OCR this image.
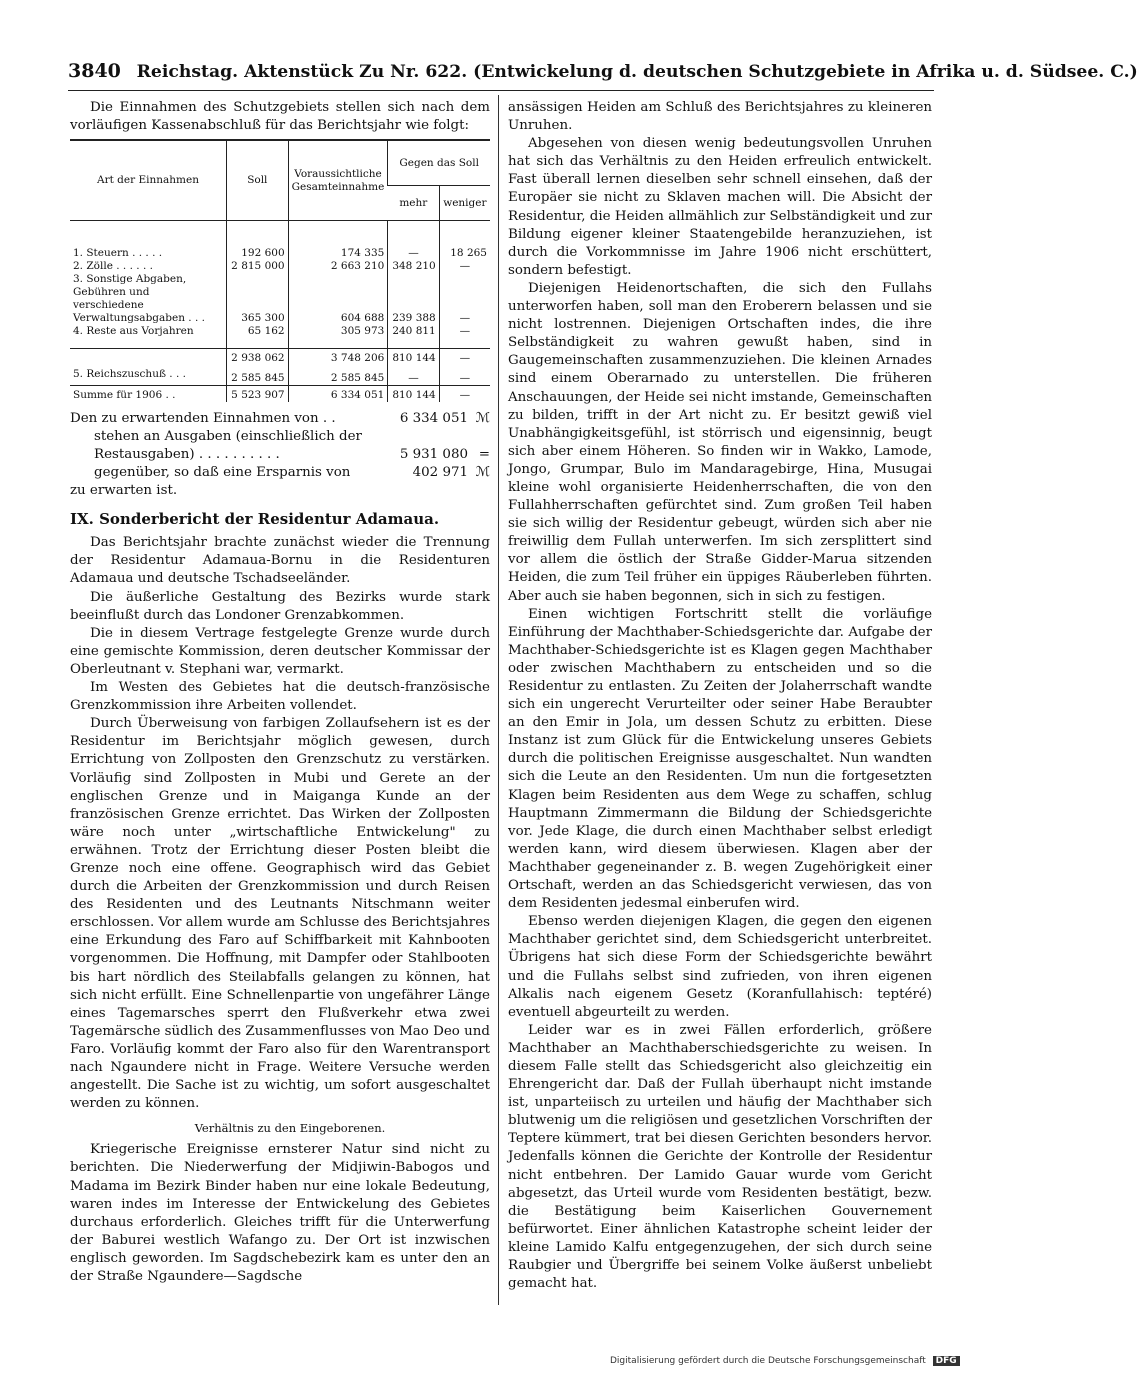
3840 Reichstag. Aktenstück Zu Nr. 622. (Entwickelung d. deutschen Schutzgebiete in Afrika u. d. Südsee. C.)

Die Einnahmen des Schutzgebiets stellen sich nach dem vorläufigen Kassenabschluß für das Berichtsjahr wie folgt:

Art der Einnahmen	Soll	Voraussichtliche Gesamteinnahme	Gegen das Soll	
			mehr	weniger
1. Steuern . . . . .	192 600	174 335	—	18 265
2. Zölle . . . . . .	2 815 000	2 663 210	348 210	—
3. Sonstige Abgaben, Gebühren und verschiedene Verwaltungsabgaben . . .	365 300	604 688	239 388	—
4. Reste aus Vorjahren	65 162	305 973	240 811	—
	2 938 062	3 748 206	810 144	—
5. Reichszuschuß . . .	2 585 845	2 585 845	—	—
Summe für 1906 . .	5 523 907	6 334 051	810 144	—
Den zu erwartenden Einnahmen von . .	6 334 051 ℳ
stehen an Ausgaben (einschließlich der Restausgaben) . . . . . . . . . .	5 931 080 =
gegenüber, so daß eine Ersparnis von	402 971 ℳ
zu erwarten ist.

IX. Sonderbericht der Residentur Adamaua.

Das Berichtsjahr brachte zunächst wieder die Trennung der Residentur Adamaua-Bornu in die Residenturen Adamaua und deutsche Tschadseeländer.

Die äußerliche Gestaltung des Bezirks wurde stark beeinflußt durch das Londoner Grenzabkommen.

Die in diesem Vertrage festgelegte Grenze wurde durch eine gemischte Kommission, deren deutscher Kommissar der Oberleutnant v. Stephani war, vermarkt.

Im Westen des Gebietes hat die deutsch-französische Grenzkommission ihre Arbeiten vollendet.

Durch Überweisung von farbigen Zollaufsehern ist es der Residentur im Berichtsjahr möglich gewesen, durch Errichtung von Zollposten den Grenzschutz zu verstärken. Vorläufig sind Zollposten in Mubi und Gerete an der englischen Grenze und in Maiganga Kunde an der französischen Grenze errichtet. Das Wirken der Zollposten wäre noch unter „wirtschaftliche Entwickelung" zu erwähnen. Trotz der Errichtung dieser Posten bleibt die Grenze noch eine offene. Geographisch wird das Gebiet durch die Arbeiten der Grenzkommission und durch Reisen des Residenten und des Leutnants Nitschmann weiter erschlossen. Vor allem wurde am Schlusse des Berichtsjahres eine Erkundung des Faro auf Schiffbarkeit mit Kahnbooten vorgenommen. Die Hoffnung, mit Dampfer oder Stahlbooten bis hart nördlich des Steilabfalls gelangen zu können, hat sich nicht erfüllt. Eine Schnellenpartie von ungefährer Länge eines Tagemarsches sperrt den Flußverkehr etwa zwei Tagemärsche südlich des Zusammenflusses von Mao Deo und Faro. Vorläufig kommt der Faro also für den Warentransport nach Ngaundere nicht in Frage. Weitere Versuche werden angestellt. Die Sache ist zu wichtig, um sofort ausgeschaltet werden zu können.

Verhältnis zu den Eingeborenen.

Kriegerische Ereignisse ernsterer Natur sind nicht zu berichten. Die Niederwerfung der Midjiwin-Babogos und Madama im Bezirk Binder haben nur eine lokale Bedeutung, waren indes im Interesse der Entwickelung des Gebietes durchaus erforderlich. Gleiches trifft für die Unterwerfung der Baburei westlich Wafango zu. Der Ort ist inzwischen englisch geworden. Im Sagdschebezirk kam es unter den an der Straße Ngaundere—Sagdsche

ansässigen Heiden am Schluß des Berichtsjahres zu kleineren Unruhen.

Abgesehen von diesen wenig bedeutungsvollen Unruhen hat sich das Verhältnis zu den Heiden erfreulich entwickelt. Fast überall lernen dieselben sehr schnell einsehen, daß der Europäer sie nicht zu Sklaven machen will. Die Absicht der Residentur, die Heiden allmählich zur Selbständigkeit und zur Bildung eigener kleiner Staatengebilde heranzuziehen, ist durch die Vorkommnisse im Jahre 1906 nicht erschüttert, sondern befestigt.

Diejenigen Heidenortschaften, die sich den Fullahs unterworfen haben, soll man den Eroberern belassen und sie nicht lostrennen. Diejenigen Ortschaften indes, die ihre Selbständigkeit zu wahren gewußt haben, sind in Gaugemeinschaften zusammenzuziehen. Die kleinen Arnades sind einem Oberarnado zu unterstellen. Die früheren Anschauungen, der Heide sei nicht imstande, Gemeinschaften zu bilden, trifft in der Art nicht zu. Er besitzt gewiß viel Unabhängigkeitsgefühl, ist störrisch und eigensinnig, beugt sich aber einem Höheren. So finden wir in Wakko, Lamode, Jongo, Grumpar, Bulo im Mandaragebirge, Hina, Musugai kleine wohl organisierte Heidenherrschaften, die von den Fullahherrschaften gefürchtet sind. Zum großen Teil haben sie sich willig der Residentur gebeugt, würden sich aber nie freiwillig dem Fullah unterwerfen. Im sich zersplittert sind vor allem die östlich der Straße Gidder-Marua sitzenden Heiden, die zum Teil früher ein üppiges Räuberleben führten. Aber auch sie haben begonnen, sich in sich zu festigen.

Einen wichtigen Fortschritt stellt die vorläufige Einführung der Machthaber-Schiedsgerichte dar. Aufgabe der Machthaber-Schiedsgerichte ist es Klagen gegen Machthaber oder zwischen Machthabern zu entscheiden und so die Residentur zu entlasten. Zu Zeiten der Jolaherrschaft wandte sich ein ungerecht Verurteilter oder seiner Habe Beraubter an den Emir in Jola, um dessen Schutz zu erbitten. Diese Instanz ist zum Glück für die Entwickelung unseres Gebiets durch die politischen Ereignisse ausgeschaltet. Nun wandten sich die Leute an den Residenten. Um nun die fortgesetzten Klagen beim Residenten aus dem Wege zu schaffen, schlug Hauptmann Zimmermann die Bildung der Schiedsgerichte vor. Jede Klage, die durch einen Machthaber selbst erledigt werden kann, wird diesem überwiesen. Klagen aber der Machthaber gegeneinander z. B. wegen Zugehörigkeit einer Ortschaft, werden an das Schiedsgericht verwiesen, das von dem Residenten jedesmal einberufen wird.

Ebenso werden diejenigen Klagen, die gegen den eigenen Machthaber gerichtet sind, dem Schiedsgericht unterbreitet. Übrigens hat sich diese Form der Schiedsgerichte bewährt und die Fullahs selbst sind zufrieden, von ihren eigenen Alkalis nach eigenem Gesetz (Koranfullahisch: teptéré) eventuell abgeurteilt zu werden.

Leider war es in zwei Fällen erforderlich, größere Machthaber an Machthaberschiedsgerichte zu weisen. In diesem Falle stellt das Schiedsgericht also gleichzeitig ein Ehrengericht dar. Daß der Fullah überhaupt nicht imstande ist, unparteiisch zu urteilen und häufig der Machthaber sich blutwenig um die religiösen und gesetzlichen Vorschriften der Teptere kümmert, trat bei diesen Gerichten besonders hervor. Jedenfalls können die Gerichte der Kontrolle der Residentur nicht entbehren. Der Lamido Gauar wurde vom Gericht abgesetzt, das Urteil wurde vom Residenten bestätigt, bezw. die Bestätigung beim Kaiserlichen Gouvernement befürwortet. Einer ähnlichen Katastrophe scheint leider der kleine Lamido Kalfu entgegenzugehen, der sich durch seine Raubgier und Übergriffe bei seinem Volke äußerst unbeliebt gemacht hat.

Digitalisierung gefördert durch die Deutsche Forschungsgemeinschaft DFG
